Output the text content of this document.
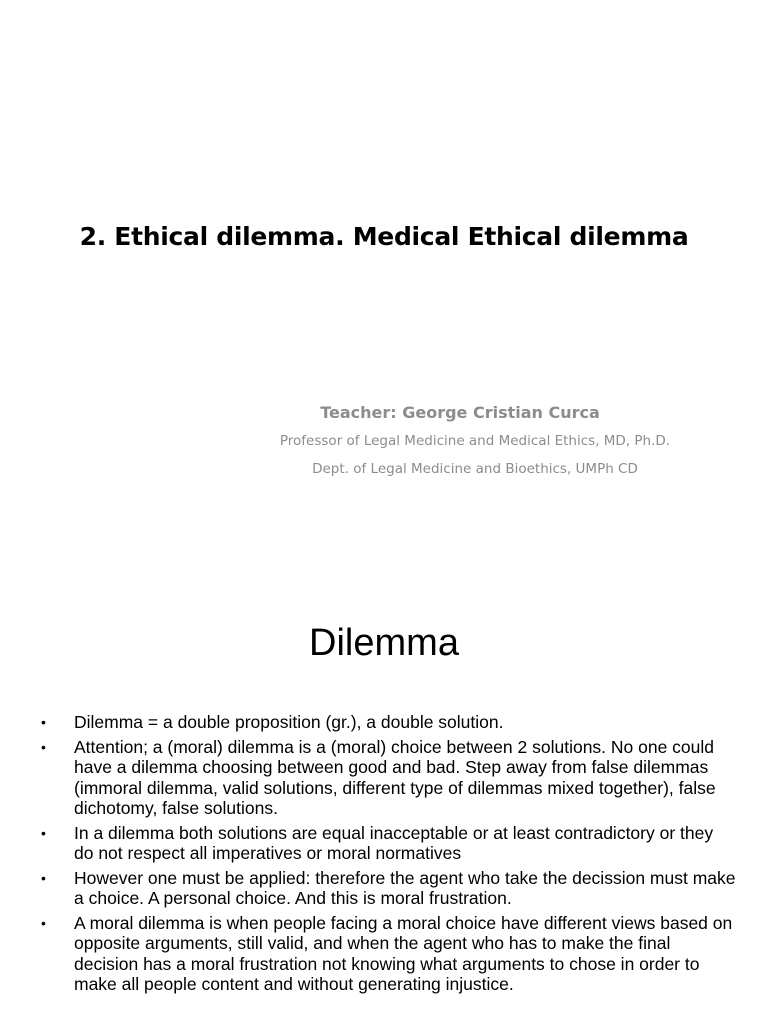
2. Ethical dilemma. Medical Ethical dilemma
Teacher: George Cristian Curca
Professor of Legal Medicine and Medical Ethics, MD, Ph.D.
Dept. of Legal Medicine and Bioethics, UMPh CD
Dilemma
• Dilemma = a double proposition (gr.), a double solution.
• Attention; a (moral) dilemma is a (moral) choice between 2 solutions. No one could have a dilemma choosing between good and bad. Step away from false dilemmas (immoral dilemma, valid solutions, different type of dilemmas mixed together), false dichotomy, false solutions.
• In a dilemma both solutions are equal inacceptable or at least contradictory or they do not respect all imperatives or moral normatives
• However one must be applied: therefore the agent who take the decission must make a choice. A personal choice. And this is moral frustration.
• A moral dilemma is when people facing a moral choice have different views based on opposite arguments, still valid, and when the agent who has to make the final decision has a moral frustration not knowing what arguments to chose in order to make all people content and without generating injustice.
